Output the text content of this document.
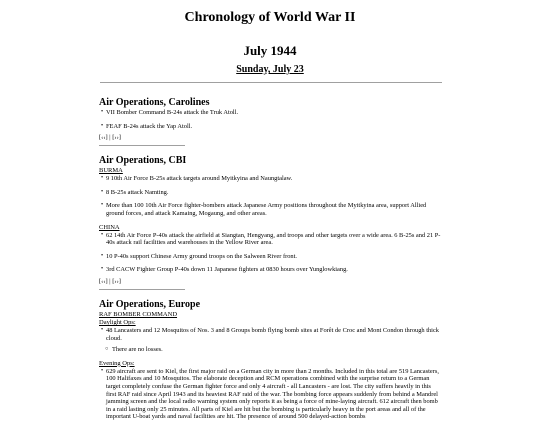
Chronology of World War II
July 1944
Sunday, July 23
Air Operations, Carolines
• VII Bomber Command B-24s attack the Truk Atoll.
• FEAF B-24s attack the Yap Atoll.
[‹‹] | [››]
Air Operations, CBI
BURMA
• 9 10th Air Force B-25s attack targets around Myitkyina and Naungtalaw.
• 8 B-25s attack Namting.
• More than 100 10th Air Force fighter-bombers attack Japanese Army positions throughout the Myitkyina area, support Allied ground forces, and attack Kamaing, Mogaung, and other areas.
CHINA
• 62 14th Air Force P-40s attack the airfield at Siangtan, Hengyang, and troops and other targets over a wide area. 6 B-25s and 21 P-40s attack rail facilities and warehouses in the Yellow River area.
• 10 P-40s support Chinese Army ground troops on the Salween River front.
• 3rd CACW Fighter Group P-40s down 11 Japanese fighters at 0830 hours over Yunglowkiang.
[‹‹] | [››]
Air Operations, Europe
RAF BOMBER COMMAND
Daylight Ops:
• 48 Lancasters and 12 Mosquitos of Nos. 3 and 8 Groups bomb flying bomb sites at Forêt de Croc and Mont Condon through thick cloud.
○ There are no losses.
Evening Ops:
• 629 aircraft are sent to Kiel, the first major raid on a German city in more than 2 months. Included in this total are 519 Lancasters, 100 Halifaxes and 10 Mosquitos. The elaborate deception and RCM operations combined with the surprise return to a German target completely confuse the German fighter force and only 4 aircraft - all Lancasters - are lost. The city suffers heavily in this first RAF raid since April 1943 and its heaviest RAF raid of the war. The bombing force appears suddenly from behind a Mandrel jamming screen and the local radio warning system only reports it as being a force of mine-laying aircraft. 612 aircraft then bomb in a raid lasting only 25 minutes. All parts of Kiel are hit but the bombing is particularly heavy in the port areas and all of the important U-boat yards and naval facilities are hit. The presence of around 500 delayed-action bombs
